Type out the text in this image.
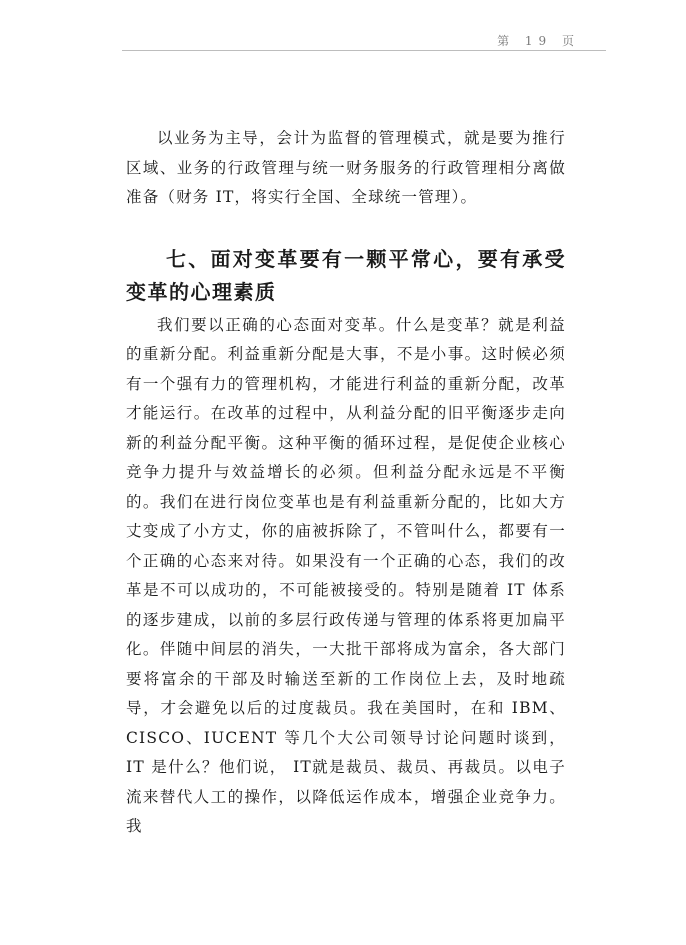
第 19 页

以业务为主导，会计为监督的管理模式，就是要为推行区域、业务的行政管理与统一财务服务的行政管理相分离做准备（财务 IT，将实行全国、全球统一管理）。

七、面对变革要有一颗平常心，要有承受变革的心理素质

我们要以正确的心态面对变革。什么是变革？就是利益的重新分配。利益重新分配是大事，不是小事。这时候必须有一个强有力的管理机构，才能进行利益的重新分配，改革才能运行。在改革的过程中，从利益分配的旧平衡逐步走向新的利益分配平衡。这种平衡的循环过程，是促使企业核心竞争力提升与效益增长的必须。但利益分配永远是不平衡的。我们在进行岗位变革也是有利益重新分配的，比如大方丈变成了小方丈，你的庙被拆除了，不管叫什么，都要有一个正确的心态来对待。如果没有一个正确的心态，我们的改革是不可以成功的，不可能被接受的。特别是随着 IT 体系的逐步建成，以前的多层行政传递与管理的体系将更加扁平化。伴随中间层的消失，一大批干部将成为富余，各大部门要将富余的干部及时输送至新的工作岗位上去，及时地疏导，才会避免以后的过度裁员。我在美国时，在和 IBM、CISCO、IUCENT 等几个大公司领导讨论问题时谈到， IT 是什么？他们说， IT就是裁员、裁员、再裁员。以电子流来替代人工的操作，以降低运作成本，增强企业竞争力。我
